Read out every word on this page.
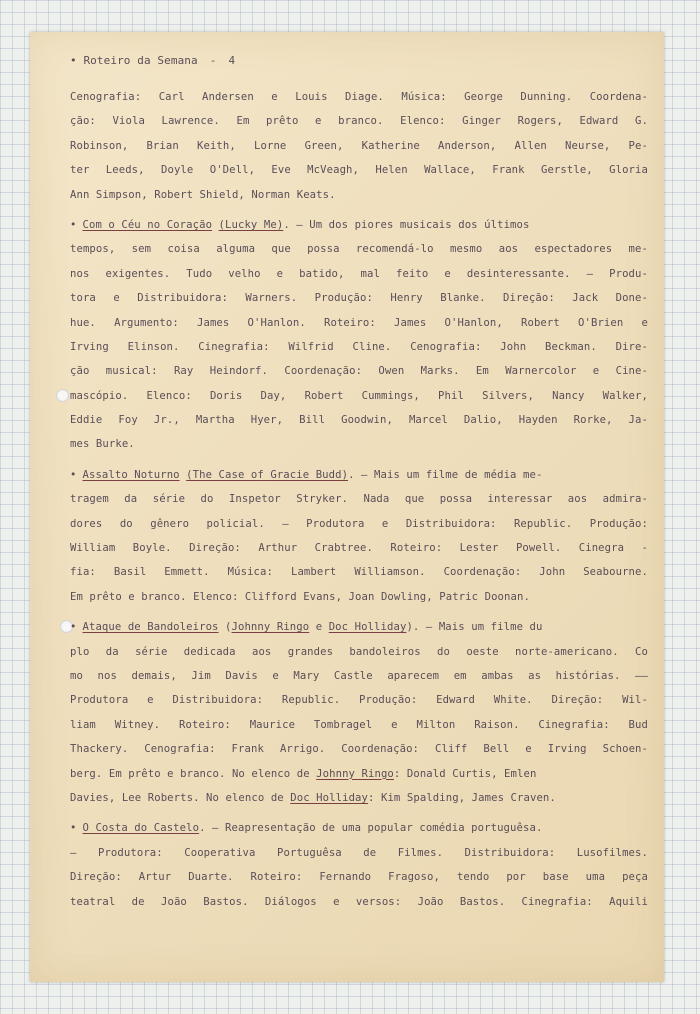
• Roteiro da Semana - 4
Cenografia: Carl Andersen e Louis Diage. Música: George Dunning. Coordena-
ção: Viola Lawrence. Em prêto e branco. Elenco: Ginger Rogers, Edward G.
Robinson, Brian Keith, Lorne Green, Katherine Anderson, Allen Neurse, Pe-
ter Leeds, Doyle O'Dell, Eve McVeagh, Helen Wallace, Frank Gerstle, Gloria
Ann Simpson, Robert Shield, Norman Keats.
• Com o Céu no Coração (Lucky Me). — Um dos piores musicais dos últimos
tempos, sem coisa alguma que possa recomendá-lo mesmo aos espectadores me-
nos exigentes. Tudo velho e batido, mal feito e desinteressante. — Produ-
tora e Distribuidora: Warners. Produção: Henry Blanke. Direção: Jack Done-
hue. Argumento: James O'Hanlon. Roteiro: James O'Hanlon, Robert O'Brien e
Irving Elinson. Cinegrafia: Wilfrid Cline. Cenografia: John Beckman. Dire-
ção musical: Ray Heindorf. Coordenação: Owen Marks. Em Warnercolor e Cine-
mascópio. Elenco: Doris Day, Robert Cummings, Phil Silvers, Nancy Walker,
Eddie Foy Jr., Martha Hyer, Bill Goodwin, Marcel Dalio, Hayden Rorke, Ja-
mes Burke.
• Assalto Noturno (The Case of Gracie Budd). — Mais um filme de média me-
tragem da série do Inspetor Stryker. Nada que possa interessar aos admira-
dores do gênero policial. — Produtora e Distribuidora: Republic. Produção:
William Boyle. Direção: Arthur Crabtree. Roteiro: Lester Powell. Cinegra -
fia: Basil Emmett. Música: Lambert Williamson. Coordenação: John Seabourne.
Em prêto e branco. Elenco: Clifford Evans, Joan Dowling, Patric Doonan.
• Ataque de Bandoleiros (Johnny Ringo e Doc Holliday). — Mais um filme du
plo da série dedicada aos grandes bandoleiros do oeste norte-americano. Co
mo nos demais, Jim Davis e Mary Castle aparecem em ambas as histórias. ——
Produtora e Distribuidora: Republic. Produção: Edward White. Direção: Wil-
liam Witney. Roteiro: Maurice Tombragel e Milton Raison. Cinegrafia: Bud
Thackery. Cenografia: Frank Arrigo. Coordenação: Cliff Bell e Irving Schoen-
berg. Em prêto e branco. No elenco de Johnny Ringo: Donald Curtis, Emlen
Davies, Lee Roberts. No elenco de Doc Holliday: Kim Spalding, James Craven.
• O Costa do Castelo. — Reapresentação de uma popular comédia portuguêsa.
— Produtora: Cooperativa Portuguêsa de Filmes. Distribuidora: Lusofilmes.
Direção: Artur Duarte. Roteiro: Fernando Fragoso, tendo por base uma peça
teatral de João Bastos. Diálogos e versos: João Bastos. Cinegrafia: Aquili
